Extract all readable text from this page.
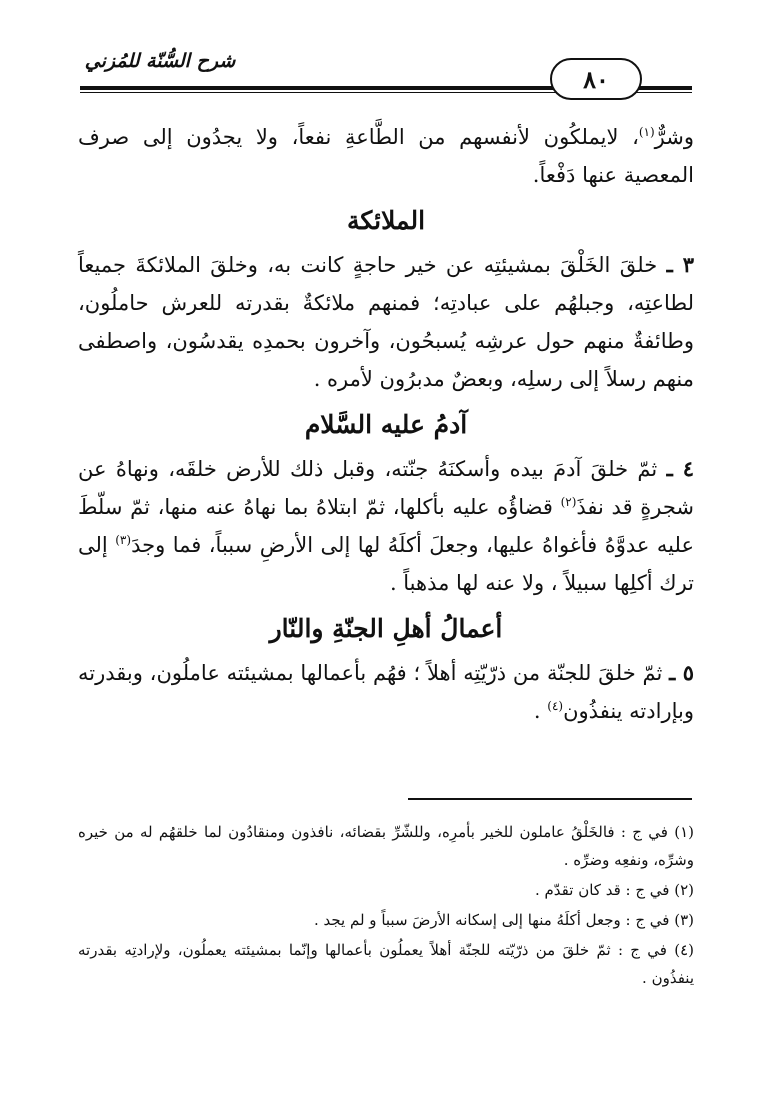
شرح السُّنّة للمُزني
٨٠

وشرٌّ$^{(١)}$، لايملكُون لأنفسهم من الطَّاعةِ نفعاً، ولا يجدُون إلى صرف المعصية عنها دَفْعاً.

الملائكة

٣ ـ خلقَ الخَلْقَ بمشيئتِه عن خير حاجةٍ كانت به، وخلقَ الملائكةَ جميعاً لطاعتِه، وجبلهُم على عبادتِه؛ فمنهم ملائكةٌ بقدرته للعرش حاملُون، وطائفةٌ منهم حول عرشِه يُسبحُون، وآخرون بحمدِه يقدسُون، واصطفى منهم رسلاً إلى رسلِه، وبعضٌ مدبرُون لأمره .

آدمُ عليه السَّلام

٤ ـ ثمّ خلقَ آدمَ بيده وأسكنَهُ جنّته، وقبل ذلك للأرض خلقَه، ونهاهُ عن شجرةٍ قد نفذَ$^{(٢)}$ قضاؤُه عليه بأكلها، ثمّ ابتلاهُ بما نهاهُ عنه منها، ثمّ سلّطَ عليه عدوَّهُ فأغواهُ عليها، وجعلَ أكلَهُ لها إلى الأرضِ سبباً، فما وجدَ$^{(٣)}$ إلى ترك أكلِها سبيلاً ، ولا عنه لها مذهباً .

أعمالُ أهلِ الجنّةِ والنّار

٥ ـ ثمّ خلقَ للجنّة من ذرّيّتِه أهلاً ؛ فهُم بأعمالها بمشيئته عاملُون، وبقدرته وبإرادته ينفذُون$^{(٤)}$ .

(١) في ج : فالخَلْقُ عاملون للخير بأمرِه، وللشّرِّ بقضائه، نافذون ومنقادُون لما خلقهُم له من خيره وشرِّه، ونفعِه وضرِّه .

(٢) في ج : قد كان تقدّم .

(٣) في ج : وجعل أكلَهُ منها إلى إسكانه الأرضَ سبباً و لم يجد .

(٤) في ج : ثمّ خلقَ من ذرّيّته للجنّة أهلاً يعملُون بأعمالها وإنّما بمشيئته يعملُون، ولإرادتِه بقدرته ينفذُون .
